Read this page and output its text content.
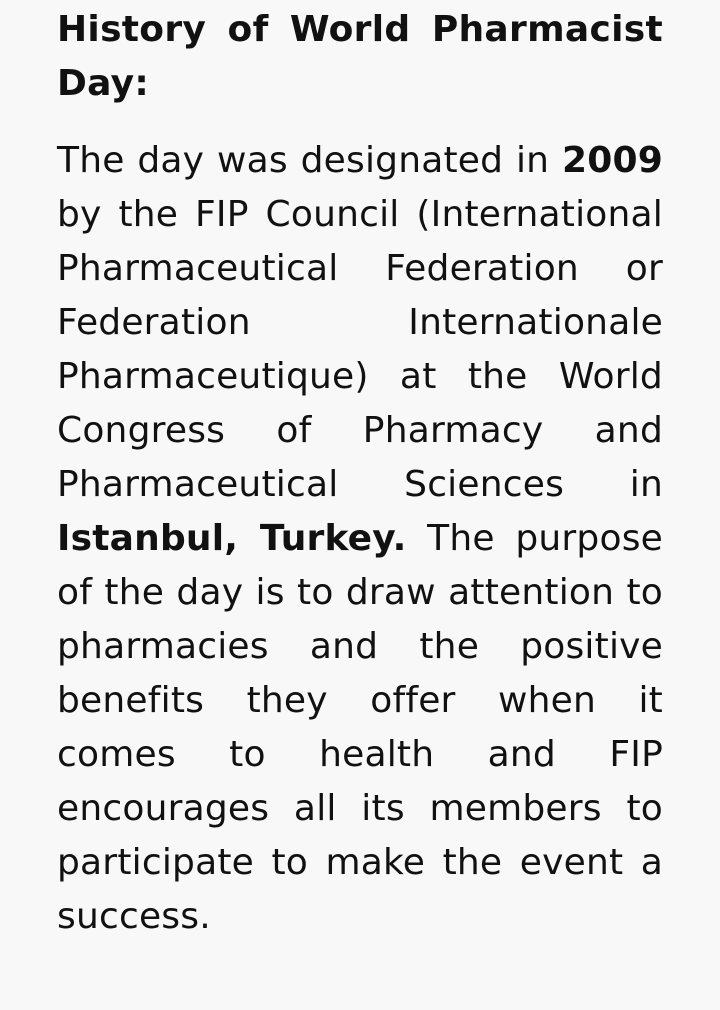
History of World Pharmacist Day:

The day was designated in 2009 by the FIP Council (International Pharmaceutical Federation or Federation Internationale Pharmaceutique) at the World Congress of Pharmacy and Pharmaceutical Sciences in Istanbul, Turkey. The purpose of the day is to draw attention to pharmacies and the positive benefits they offer when it comes to health and FIP encourages all its members to participate to make the event a success.
